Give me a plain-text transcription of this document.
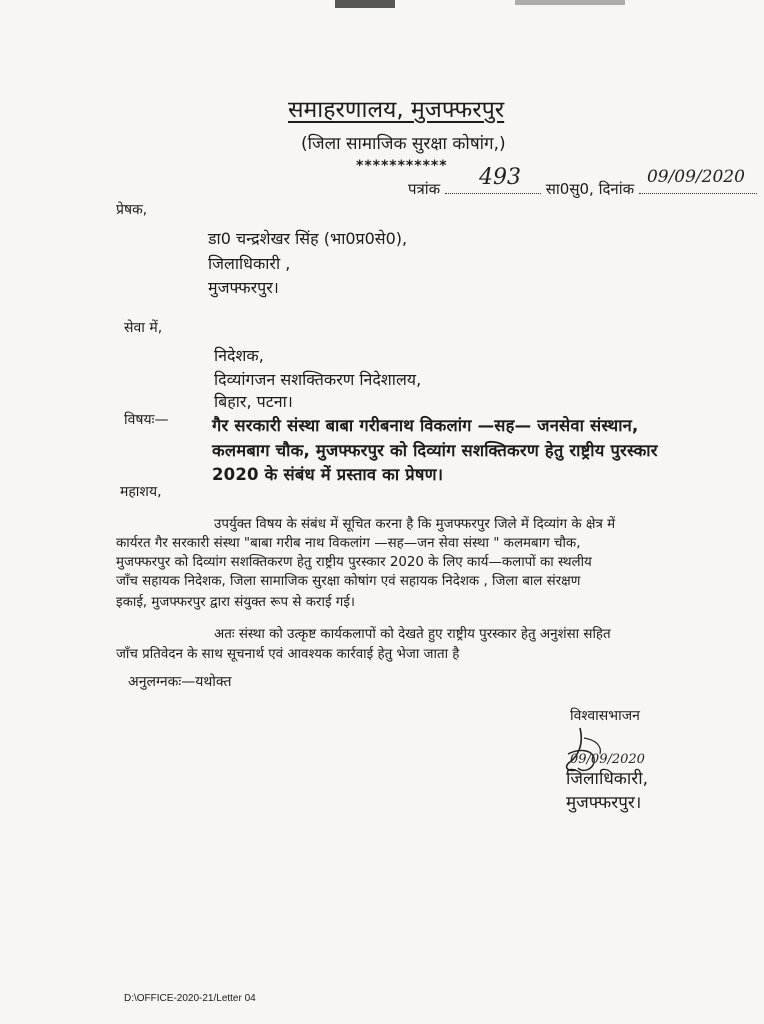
समाहरणालय, मुजफ्फरपुर
(जिला सामाजिक सुरक्षा कोषांग,)
***********
पत्रांक 493 सा0सु0, दिनांक
09/09/2020
प्रेषक,
डा0 चन्द्रशेखर सिंह (भा0प्र0से0),
जिलाधिकारी ,
मुजफ्फरपुर।
सेवा में,
निदेशक,
दिव्यांगजन सशक्तिकरण निदेशालय,
बिहार, पटना।
विषयः—	गैर सरकारी संस्था बाबा गरीबनाथ विकलांग —सह— जनसेवा संस्थान,
कलमबाग चौक, मुजफ्फरपुर को दिव्यांग सशक्तिकरण हेतु राष्ट्रीय पुरस्कार
2020 के संबंध में प्रस्ताव का प्रेषण।
महाशय,
उपर्युक्त विषय के संबंध में सूचित करना है कि मुजफ्फरपुर जिले में दिव्यांग के क्षेत्र में
कार्यरत गैर सरकारी संस्था "बाबा गरीब नाथ विकलांग —सह—जन सेवा संस्था " कलमबाग चौक,
मुजफ्फरपुर को दिव्यांग सशक्तिकरण हेतु राष्ट्रीय पुरस्कार 2020 के लिए कार्य—कलापों का स्थलीय
जाँच सहायक निदेशक, जिला सामाजिक सुरक्षा कोषांग एवं सहायक निदेशक , जिला बाल संरक्षण
इकाई, मुजफ्फरपुर द्वारा संयुक्त रूप से कराई गई।
अतः संस्था को उत्कृष्ट कार्यकलापों को देखते हुए राष्ट्रीय पुरस्कार हेतु अनुशंसा सहित
जाँच प्रतिवेदन के साथ सूचनार्थ एवं आवश्यक कार्रवाई हेतु भेजा जाता है
अनुलग्नकः—यथोक्त
विश्वासभाजन
09/09/2020
जिलाधिकारी,
मुजफ्फरपुर।
D:\OFFICE-2020-21/Letter 04
